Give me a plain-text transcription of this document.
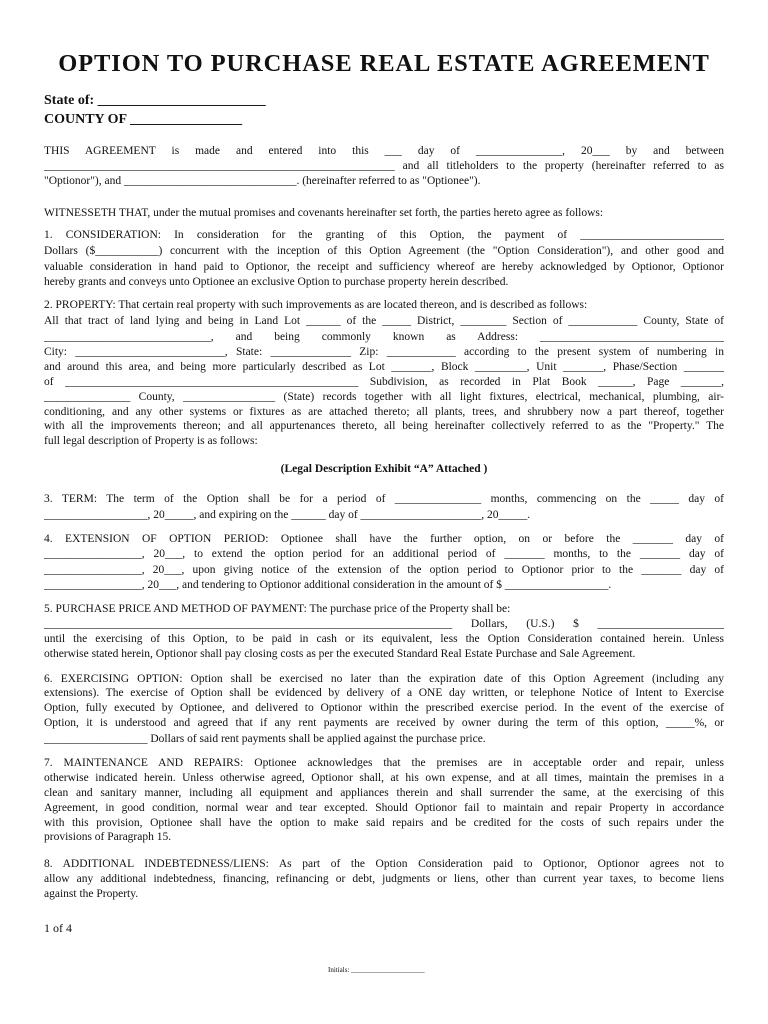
OPTION TO PURCHASE REAL ESTATE AGREEMENT
State of: ________________________
COUNTY OF ________________
THIS AGREEMENT is made and entered into this ___ day of _______________, 20___ by and between
_____________________________________________________________ and all titleholders to the property (hereinafter referred to as
"Optionor"), and ______________________________. (hereinafter referred to as "Optionee").
WITNESSETH THAT, under the mutual promises and covenants hereinafter set forth, the parties hereto agree as follows:
1. CONSIDERATION: In consideration for the granting of this Option, the payment of _________________________
Dollars ($___________) concurrent with the inception of this Option Agreement (the "Option Consideration"), and other good and
valuable consideration in hand paid to Optionor, the receipt and sufficiency whereof are hereby acknowledged by Optionor, Optionor
hereby grants and conveys unto Optionee an exclusive Option to purchase property herein described.
2. PROPERTY: That certain real property with such improvements as are located thereon, and is described as follows:
All that tract of land lying and being in Land Lot ______ of the _____ District, ________ Section of ____________ County, State of
_____________________________, and being commonly known as Address: ________________________________
City: __________________________, State: ______________ Zip: ____________ according to the present system of numbering in
and around this area, and being more particularly described as Lot _______, Block _________, Unit _______, Phase/Section _______
of ___________________________________________________ Subdivision, as recorded in Plat Book ______, Page _______,
_______________ County, ________________ (State) records together with all light fixtures, electrical, mechanical, plumbing, air-
conditioning, and any other systems or fixtures as are attached thereto; all plants, trees, and shrubbery now a part thereof, together
with all the improvements thereon; and all appurtenances thereto, all being hereinafter collectively referred to as the "Property." The
full legal description of Property is as follows:
(Legal Description Exhibit “A” Attached )
3. TERM: The term of the Option shall be for a period of _______________ months, commencing on the _____ day of
__________________, 20_____, and expiring on the ______ day of _____________________, 20_____.
4. EXTENSION OF OPTION PERIOD: Optionee shall have the further option, on or before the _______ day of
_________________, 20___, to extend the option period for an additional period of _______ months, to the _______ day of
_________________, 20___, upon giving notice of the extension of the option period to Optionor prior to the _______ day of
_________________, 20___, and tendering to Optionor additional consideration in the amount of $ __________________.
5. PURCHASE PRICE AND METHOD OF PAYMENT: The purchase price of the Property shall be:
_______________________________________________________________________ Dollars, (U.S.) $ ______________________
until the exercising of this Option, to be paid in cash or its equivalent, less the Option Consideration contained herein. Unless
otherwise stated herein, Optionor shall pay closing costs as per the executed Standard Real Estate Purchase and Sale Agreement.
6. EXERCISING OPTION: Option shall be exercised no later than the expiration date of this Option Agreement (including any
extensions). The exercise of Option shall be evidenced by delivery of a ONE day written, or telephone Notice of Intent to Exercise
Option, fully executed by Optionee, and delivered to Optionor within the prescribed exercise period. In the event of the exercise of
Option, it is understood and agreed that if any rent payments are received by owner during the term of this option, _____%, or
__________________ Dollars of said rent payments shall be applied against the purchase price.
7. MAINTENANCE AND REPAIRS: Optionee acknowledges that the premises are in acceptable order and repair, unless
otherwise indicated herein. Unless otherwise agreed, Optionor shall, at his own expense, and at all times, maintain the premises in a
clean and sanitary manner, including all equipment and appliances therein and shall surrender the same, at the exercising of this
Agreement, in good condition, normal wear and tear excepted. Should Optionor fail to maintain and repair Property in accordance
with this provision, Optionee shall have the option to make said repairs and be credited for the costs of such repairs under the
provisions of Paragraph 15.
8. ADDITIONAL INDEBTEDNESS/LIENS: As part of the Option Consideration paid to Optionor, Optionor agrees not to
allow any additional indebtedness, financing, refinancing or debt, judgments or liens, other than current year taxes, to become liens
against the Property.
1 of 4
Initials: _____________________
